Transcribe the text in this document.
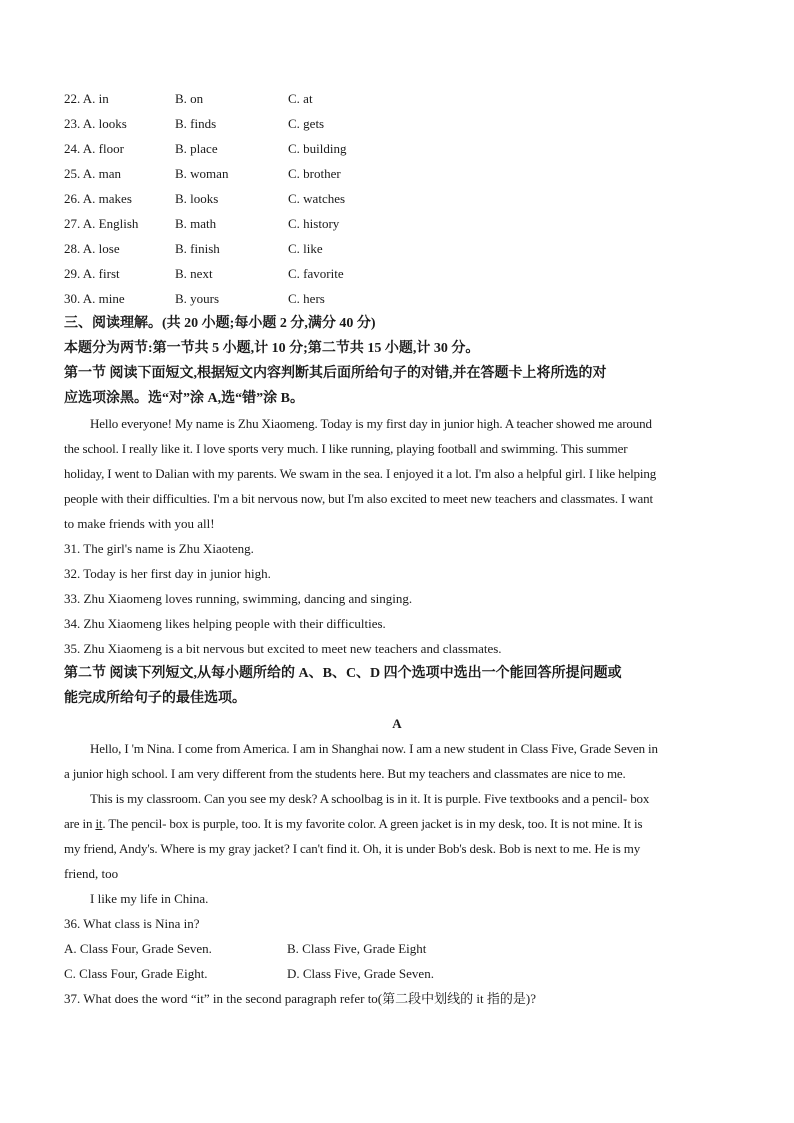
22. A. in	B. on	C. at
23. A. looks	B. finds	C. gets
24. A. floor	B. place	C. building
25. A. man	B. woman	C. brother
26. A. makes	B. looks	C. watches
27. A. English	B. math	C. history
28. A. lose	B. finish	C. like
29. A. first	B. next	C. favorite
30. A. mine	B. yours	C. hers
三、阅读理解。(共 20 小题;每小题 2 分,满分 40 分)
本题分为两节:第一节共 5 小题,计 10 分;第二节共 15 小题,计 30 分。
第一节 阅读下面短文,根据短文内容判断其后面所给句子的对错,并在答题卡上将所选的对
应选项涂黑。选“对”涂 A,选“错”涂 B。
Hello everyone! My name is Zhu Xiaomeng. Today is my first day in junior high. A teacher showed me around
the school. I really like it. I love sports very much. I like running, playing football and swimming. This summer
holiday, I went to Dalian with my parents. We swam in the sea. I enjoyed it a lot. I'm also a helpful girl. I like helping
people with their difficulties. I'm a bit nervous now, but I'm also excited to meet new teachers and classmates. I want
to make friends with you all!
31. The girl's name is Zhu Xiaoteng.
32. Today is her first day in junior high.
33. Zhu Xiaomeng loves running, swimming, dancing and singing.
34. Zhu Xiaomeng likes helping people with their difficulties.
35. Zhu Xiaomeng is a bit nervous but excited to meet new teachers and classmates.
第二节 阅读下列短文,从每小题所给的 A、B、C、D 四个选项中选出一个能回答所提问题或
能完成所给句子的最佳选项。
A
Hello, I 'm Nina. I come from America. I am in Shanghai now. I am a new student in Class Five, Grade Seven in
a junior high school. I am very different from the students here. But my teachers and classmates are nice to me.
This is my classroom. Can you see my desk? A schoolbag is in it. It is purple. Five textbooks and a pencil- box
are in it. The pencil- box is purple, too. It is my favorite color. A green jacket is in my desk, too. It is not mine. It is
my friend, Andy's. Where is my gray jacket? I can't find it. Oh, it is under Bob's desk. Bob is next to me. He is my
friend, too
I like my life in China.
36. What class is Nina in?
A. Class Four, Grade Seven.	B. Class Five, Grade Eight
C. Class Four, Grade Eight.	D. Class Five, Grade Seven.
37. What does the word “it” in the second paragraph refer to(第二段中划线的 it 指的是)?
